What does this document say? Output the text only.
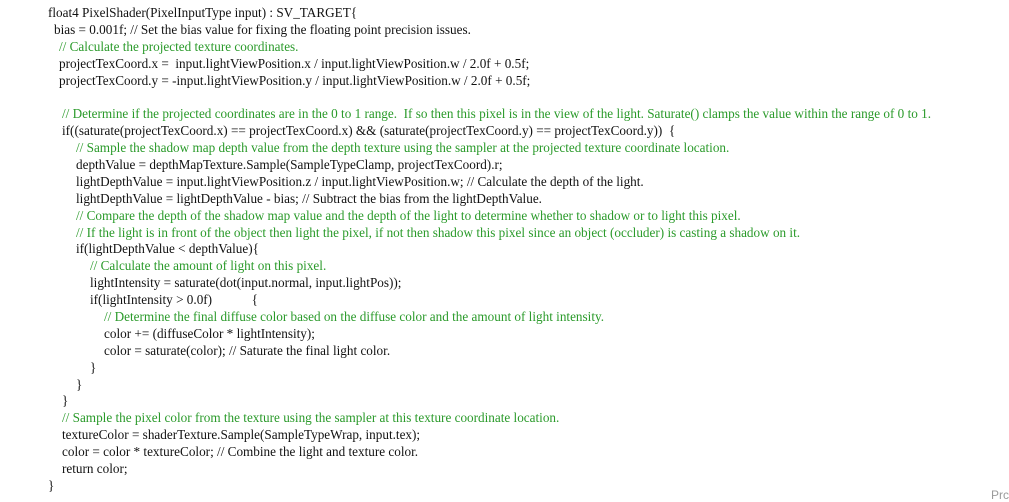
float4 PixelShader(PixelInputType input) : SV_TARGET{
bias = 0.001f; // Set the bias value for fixing the floating point precision issues.
// Calculate the projected texture coordinates.
projectTexCoord.x =  input.lightViewPosition.x / input.lightViewPosition.w / 2.0f + 0.5f;
projectTexCoord.y = -input.lightViewPosition.y / input.lightViewPosition.w / 2.0f + 0.5f;

// Determine if the projected coordinates are in the 0 to 1 range.  If so then this pixel is in the view of the light. Saturate() clamps the value within the range of 0 to 1.
if((saturate(projectTexCoord.x) == projectTexCoord.x) && (saturate(projectTexCoord.y) == projectTexCoord.y))  {
// Sample the shadow map depth value from the depth texture using the sampler at the projected texture coordinate location.
depthValue = depthMapTexture.Sample(SampleTypeClamp, projectTexCoord).r;
lightDepthValue = input.lightViewPosition.z / input.lightViewPosition.w; // Calculate the depth of the light.
lightDepthValue = lightDepthValue - bias; // Subtract the bias from the lightDepthValue.
// Compare the depth of the shadow map value and the depth of the light to determine whether to shadow or to light this pixel.
// If the light is in front of the object then light the pixel, if not then shadow this pixel since an object (occluder) is casting a shadow on it.
if(lightDepthValue < depthValue){
// Calculate the amount of light on this pixel.
lightIntensity = saturate(dot(input.normal, input.lightPos));
if(lightIntensity > 0.0f)            {
// Determine the final diffuse color based on the diffuse color and the amount of light intensity.
color += (diffuseColor * lightIntensity);
color = saturate(color); // Saturate the final light color.
}
}
}
// Sample the pixel color from the texture using the sampler at this texture coordinate location.
textureColor = shaderTexture.Sample(SampleTypeWrap, input.tex);
color = color * textureColor; // Combine the light and texture color.
return color;
}
Prc
